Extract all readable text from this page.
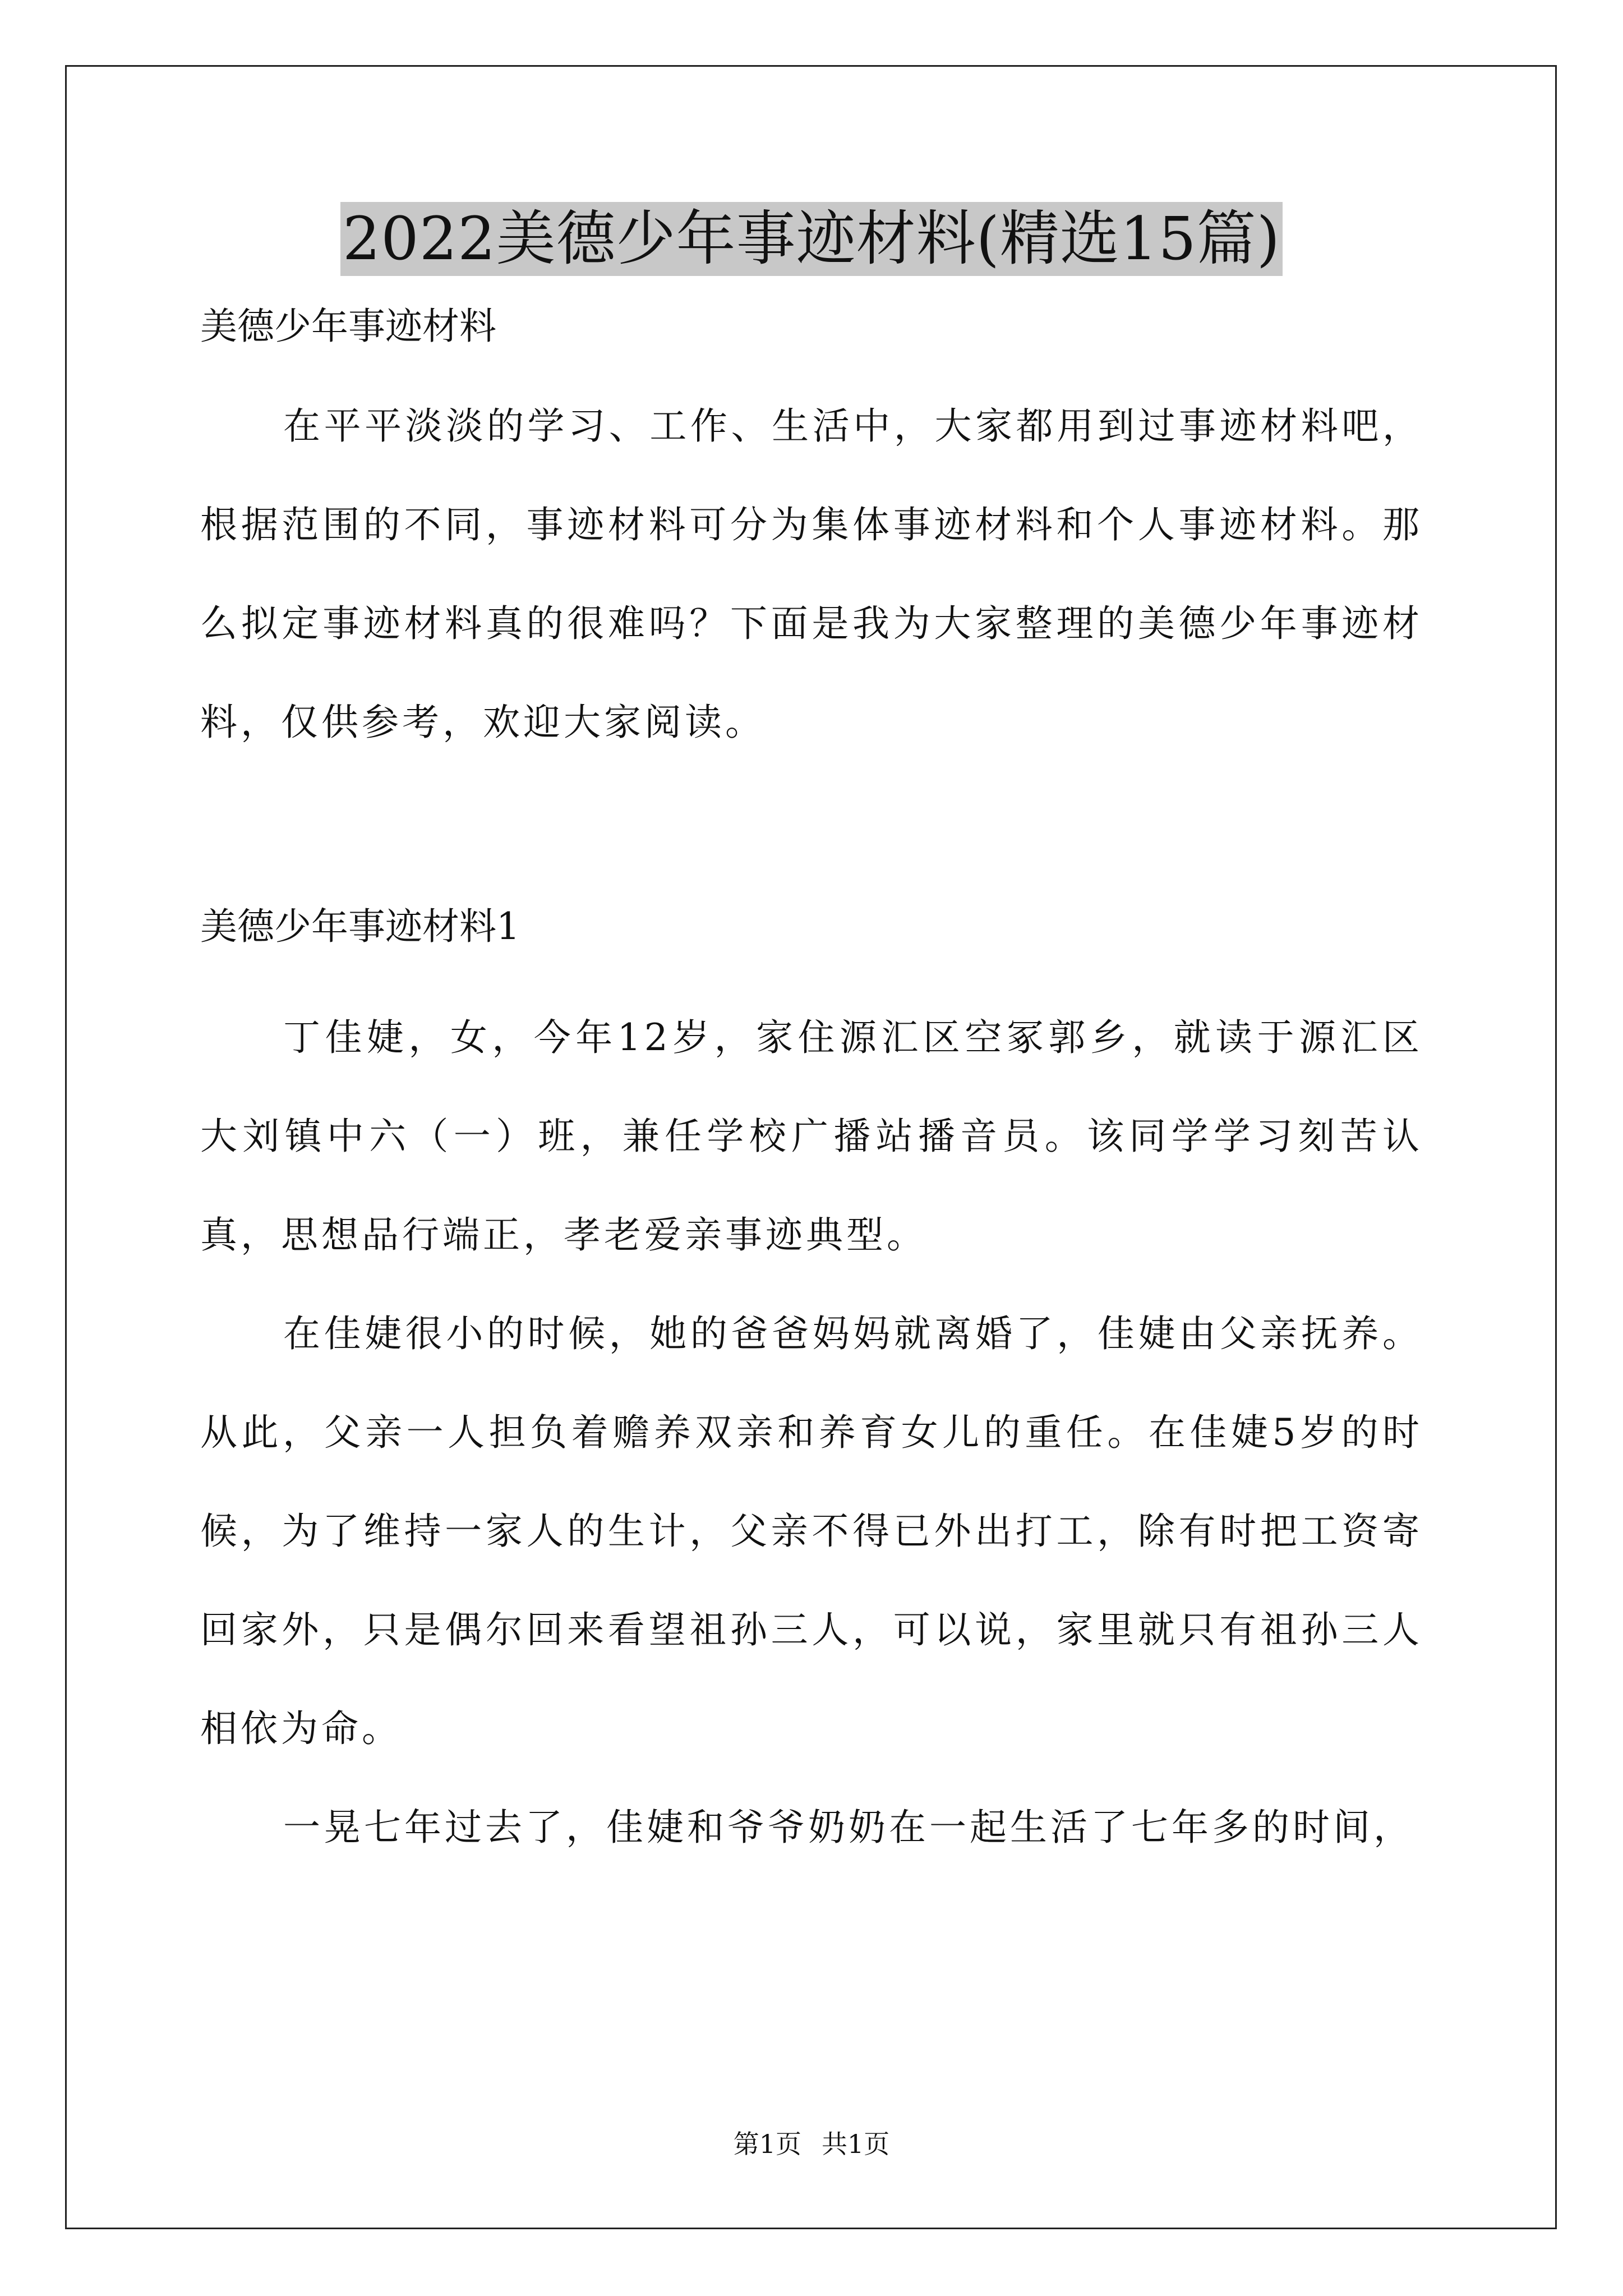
2022美德少年事迹材料(精选15篇)

美德少年事迹材料

在平平淡淡的学习、工作、生活中，大家都用到过事迹材料吧，根据范围的不同，事迹材料可分为集体事迹材料和个人事迹材料。那么拟定事迹材料真的很难吗？下面是我为大家整理的美德少年事迹材料，仅供参考，欢迎大家阅读。

美德少年事迹材料1

丁佳婕，女，今年12岁，家住源汇区空冢郭乡，就读于源汇区大刘镇中六（一）班，兼任学校广播站播音员。该同学学习刻苦认真，思想品行端正，孝老爱亲事迹典型。

在佳婕很小的时候，她的爸爸妈妈就离婚了，佳婕由父亲抚养。从此，父亲一人担负着赡养双亲和养育女儿的重任。在佳婕5岁的时候，为了维持一家人的生计，父亲不得已外出打工，除有时把工资寄回家外，只是偶尔回来看望祖孙三人，可以说，家里就只有祖孙三人相依为命。

一晃七年过去了，佳婕和爷爷奶奶在一起生活了七年多的时间，

第1页 共1页
